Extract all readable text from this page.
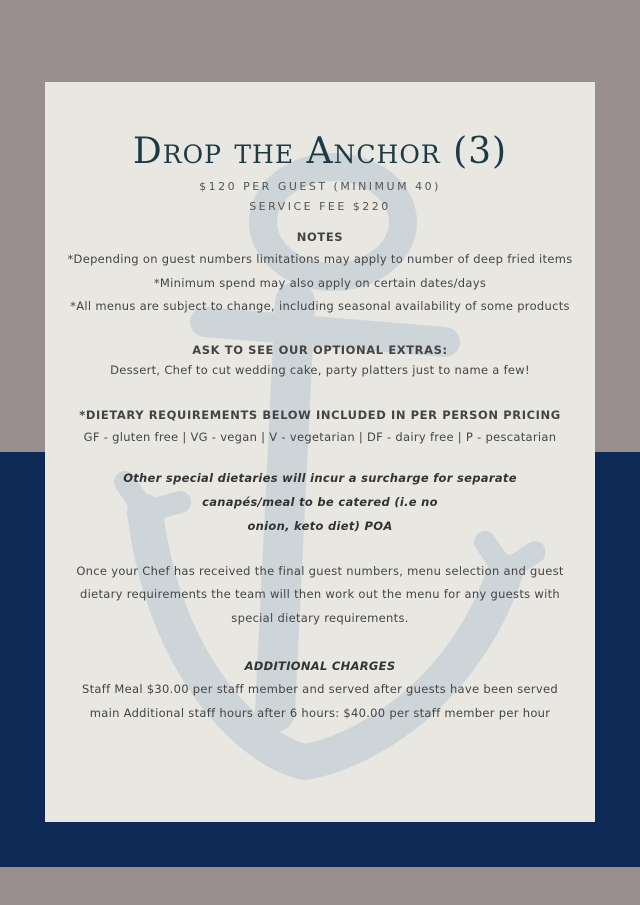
Drop the Anchor (3)
$120 PER GUEST (MINIMUM 40)
SERVICE FEE $220
NOTES
*Depending on guest numbers limitations may apply to number of deep fried items *Minimum spend may also apply on certain dates/days
*All menus are subject to change, including seasonal availability of some products
ASK TO SEE OUR OPTIONAL EXTRAS:
Dessert, Chef to cut wedding cake, party platters just to name a few!
*DIETARY REQUIREMENTS BELOW INCLUDED IN PER PERSON PRICING
GF - gluten free | VG - vegan | V - vegetarian | DF - dairy free | P - pescatarian
Other special dietaries will incur a surcharge for separate canapés/meal to be catered (i.e no
onion, keto diet) POA
Once your Chef has received the final guest numbers, menu selection and guest dietary requirements the team will then work out the menu for any guests with special dietary requirements.
ADDITIONAL CHARGES
Staff Meal $30.00 per staff member and served after guests have been served main Additional staff hours after 6 hours: $40.00 per staff member per hour
